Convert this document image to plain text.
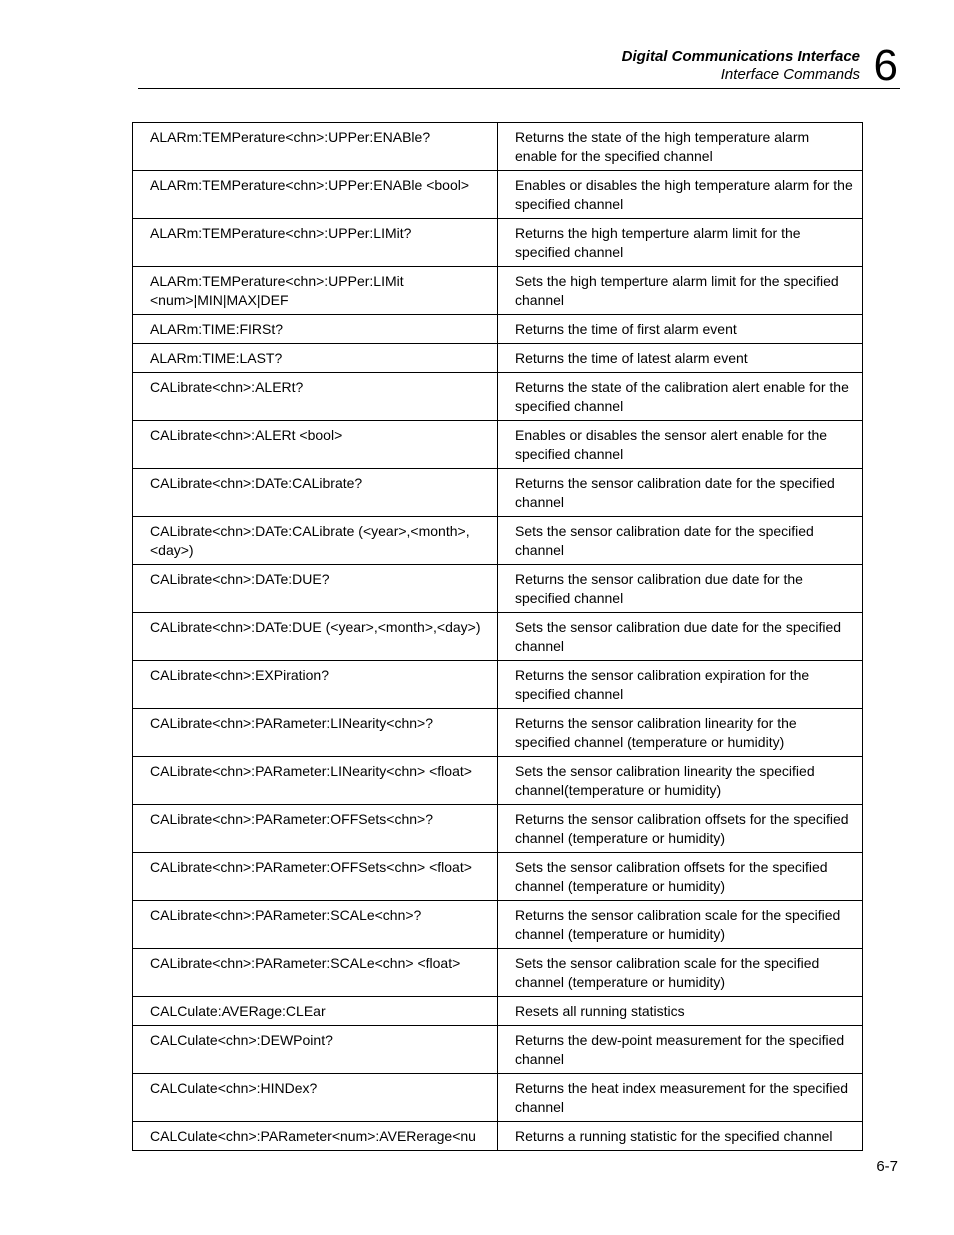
Digital Communications Interface
Interface Commands 6
ALARm:TEMPerature<chn>:UPPer:ENABle?	Returns the state of the high temperature alarm enable for the specified channel
ALARm:TEMPerature<chn>:UPPer:ENABle <bool>	Enables or disables the high temperature alarm for the specified channel
ALARm:TEMPerature<chn>:UPPer:LIMit?	Returns the high temperture alarm limit for the specified channel
ALARm:TEMPerature<chn>:UPPer:LIMit <num>|MIN|MAX|DEF	Sets the high temperture alarm limit for the specified channel
ALARm:TIME:FIRSt?	Returns the time of first alarm event
ALARm:TIME:LAST?	Returns the time of latest alarm event
CALibrate<chn>:ALERt?	Returns the state of the calibration alert enable for the specified channel
CALibrate<chn>:ALERt <bool>	Enables or disables the sensor alert enable for the specified channel
CALibrate<chn>:DATe:CALibrate?	Returns the sensor calibration date for the specified channel
CALibrate<chn>:DATe:CALibrate (<year>,<month>,<day>)	Sets the sensor calibration date for the specified channel
CALibrate<chn>:DATe:DUE?	Returns the sensor calibration due date for the specified channel
CALibrate<chn>:DATe:DUE (<year>,<month>,<day>)	Sets the sensor calibration due date for the specified channel
CALibrate<chn>:EXPiration?	Returns the sensor calibration expiration for the specified channel
CALibrate<chn>:PARameter:LINearity<chn>?	Returns the sensor calibration linearity for the specified channel (temperature or humidity)
CALibrate<chn>:PARameter:LINearity<chn> <float>	Sets the sensor calibration linearity the specified channel(temperature or humidity)
CALibrate<chn>:PARameter:OFFSets<chn>?	Returns the sensor calibration offsets for the specified channel (temperature or humidity)
CALibrate<chn>:PARameter:OFFSets<chn> <float>	Sets the sensor calibration offsets for the specified channel (temperature or humidity)
CALibrate<chn>:PARameter:SCALe<chn>?	Returns the sensor calibration scale for the specified channel (temperature or humidity)
CALibrate<chn>:PARameter:SCALe<chn> <float>	Sets the sensor calibration scale for the specified channel (temperature or humidity)
CALCulate:AVERage:CLEar	Resets all running statistics
CALCulate<chn>:DEWPoint?	Returns the dew-point measurement for the specified channel
CALCulate<chn>:HINDex?	Returns the heat index measurement for the specified channel
CALCulate<chn>:PARameter<num>:AVERerage<nu	Returns a running statistic for the specified channel
6-7
